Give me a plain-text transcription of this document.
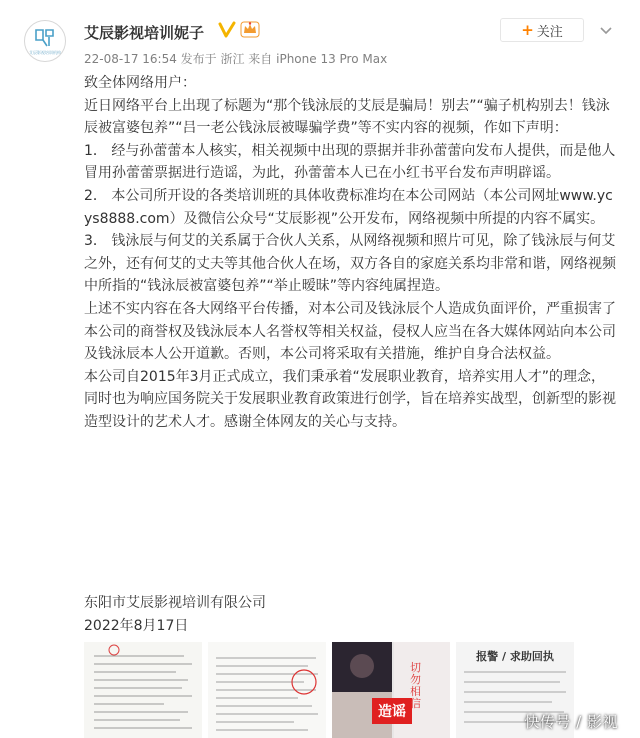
艾辰影视培训机构
艾辰影视培训妮子
22-08-17 16:54 发布于 浙江 来自 iPhone 13 Pro Max
+ 关注

致全体网络用户：

近日网络平台上出现了标题为“那个钱泳辰的艾辰是骗局！别去”“骗子机构别去！钱泳辰被富婆包养”“吕一老公钱泳辰被曝骗学费”等不实内容的视频，作如下声明：

1． 经与孙蕾蕾本人核实，相关视频中出现的票据并非孙蕾蕾向发布人提供，而是他人冒用孙蕾蕾票据进行造谣，为此，孙蕾蕾本人已在小红书平台发布声明辟谣。

2． 本公司所开设的各类培训班的具体收费标准均在本公司网站（本公司网址www.ycys8888.com）及微信公众号“艾辰影视”公开发布，网络视频中所提的内容不属实。

3． 钱泳辰与何艾的关系属于合伙人关系，从网络视频和照片可见，除了钱泳辰与何艾之外，还有何艾的丈夫等其他合伙人在场，双方各自的家庭关系均非常和谐，网络视频中所指的“钱泳辰被富婆包养”“举止暧昧”等内容纯属捏造。

上述不实内容在各大网络平台传播，对本公司及钱泳辰个人造成负面评价，严重损害了本公司的商誉权及钱泳辰本人名誉权等相关权益，侵权人应当在各大媒体网站向本公司及钱泳辰本人公开道歉。否则，本公司将采取有关措施，维护自身合法权益。

本公司自2015年3月正式成立，我们秉承着“发展职业教育，培养实用人才”的理念，同时也为响应国务院关于发展职业教育政策进行创学，旨在培养实战型，创新型的影视造型设计的艺术人才。感谢全体网友的关心与支持。

东阳市艾辰影视培训有限公司
2022年8月17日
造谣
切勿相信
报警 / 求助回执
快传号 / 影视
